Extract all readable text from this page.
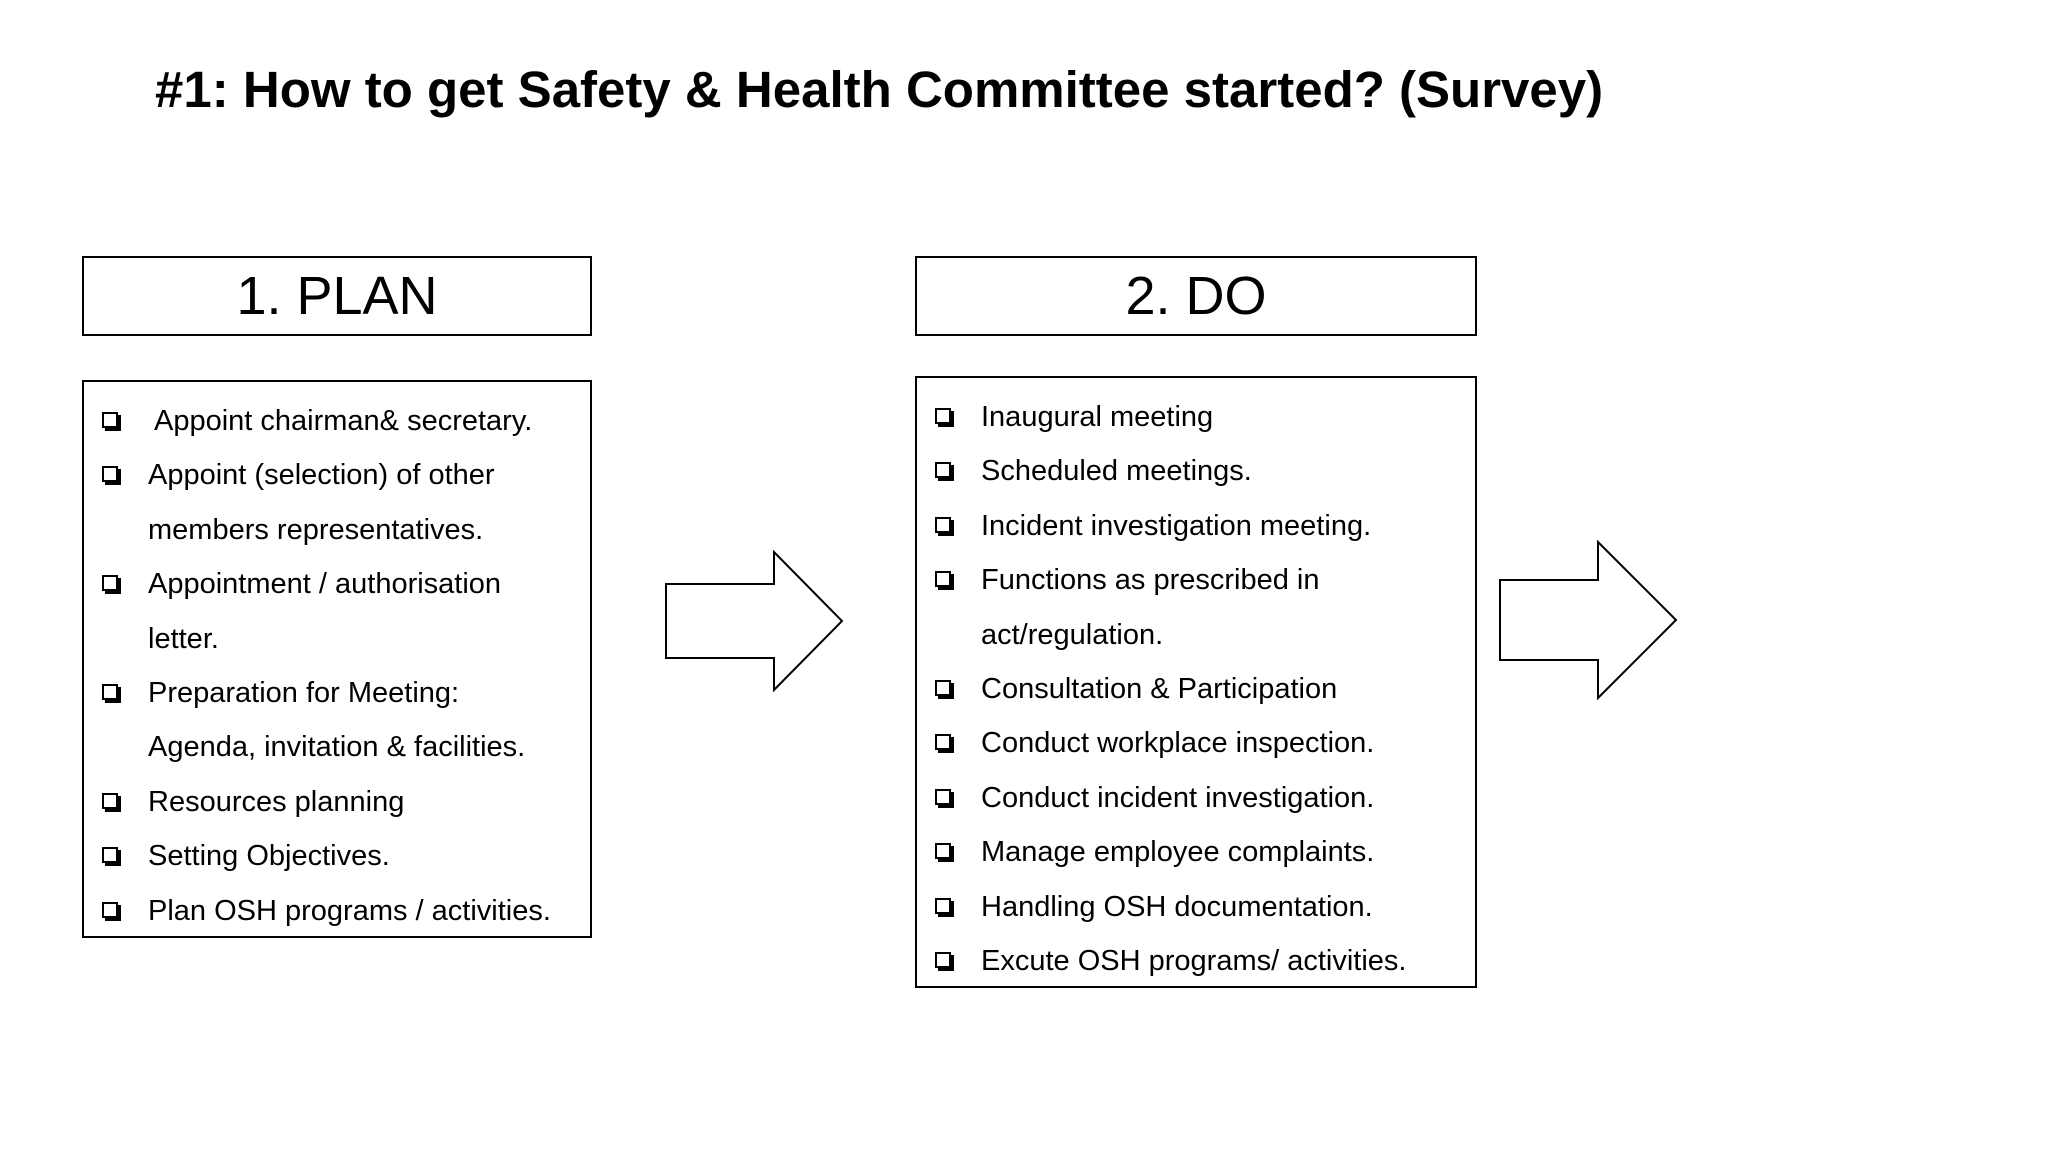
#1: How to get Safety & Health Committee started? (Survey)
1. PLAN
Appoint chairman& secretary.
Appoint (selection) of other
members representatives.
Appointment / authorisation
letter.
Preparation for Meeting:
Agenda, invitation & facilities.
Resources planning
Setting Objectives.
Plan OSH programs / activities.
2. DO
Inaugural meeting
Scheduled meetings.
Incident investigation meeting.
Functions as prescribed in
act/regulation.
Consultation & Participation
Conduct workplace inspection.
Conduct incident investigation.
Manage employee complaints.
Handling OSH documentation.
Excute OSH programs/ activities.
